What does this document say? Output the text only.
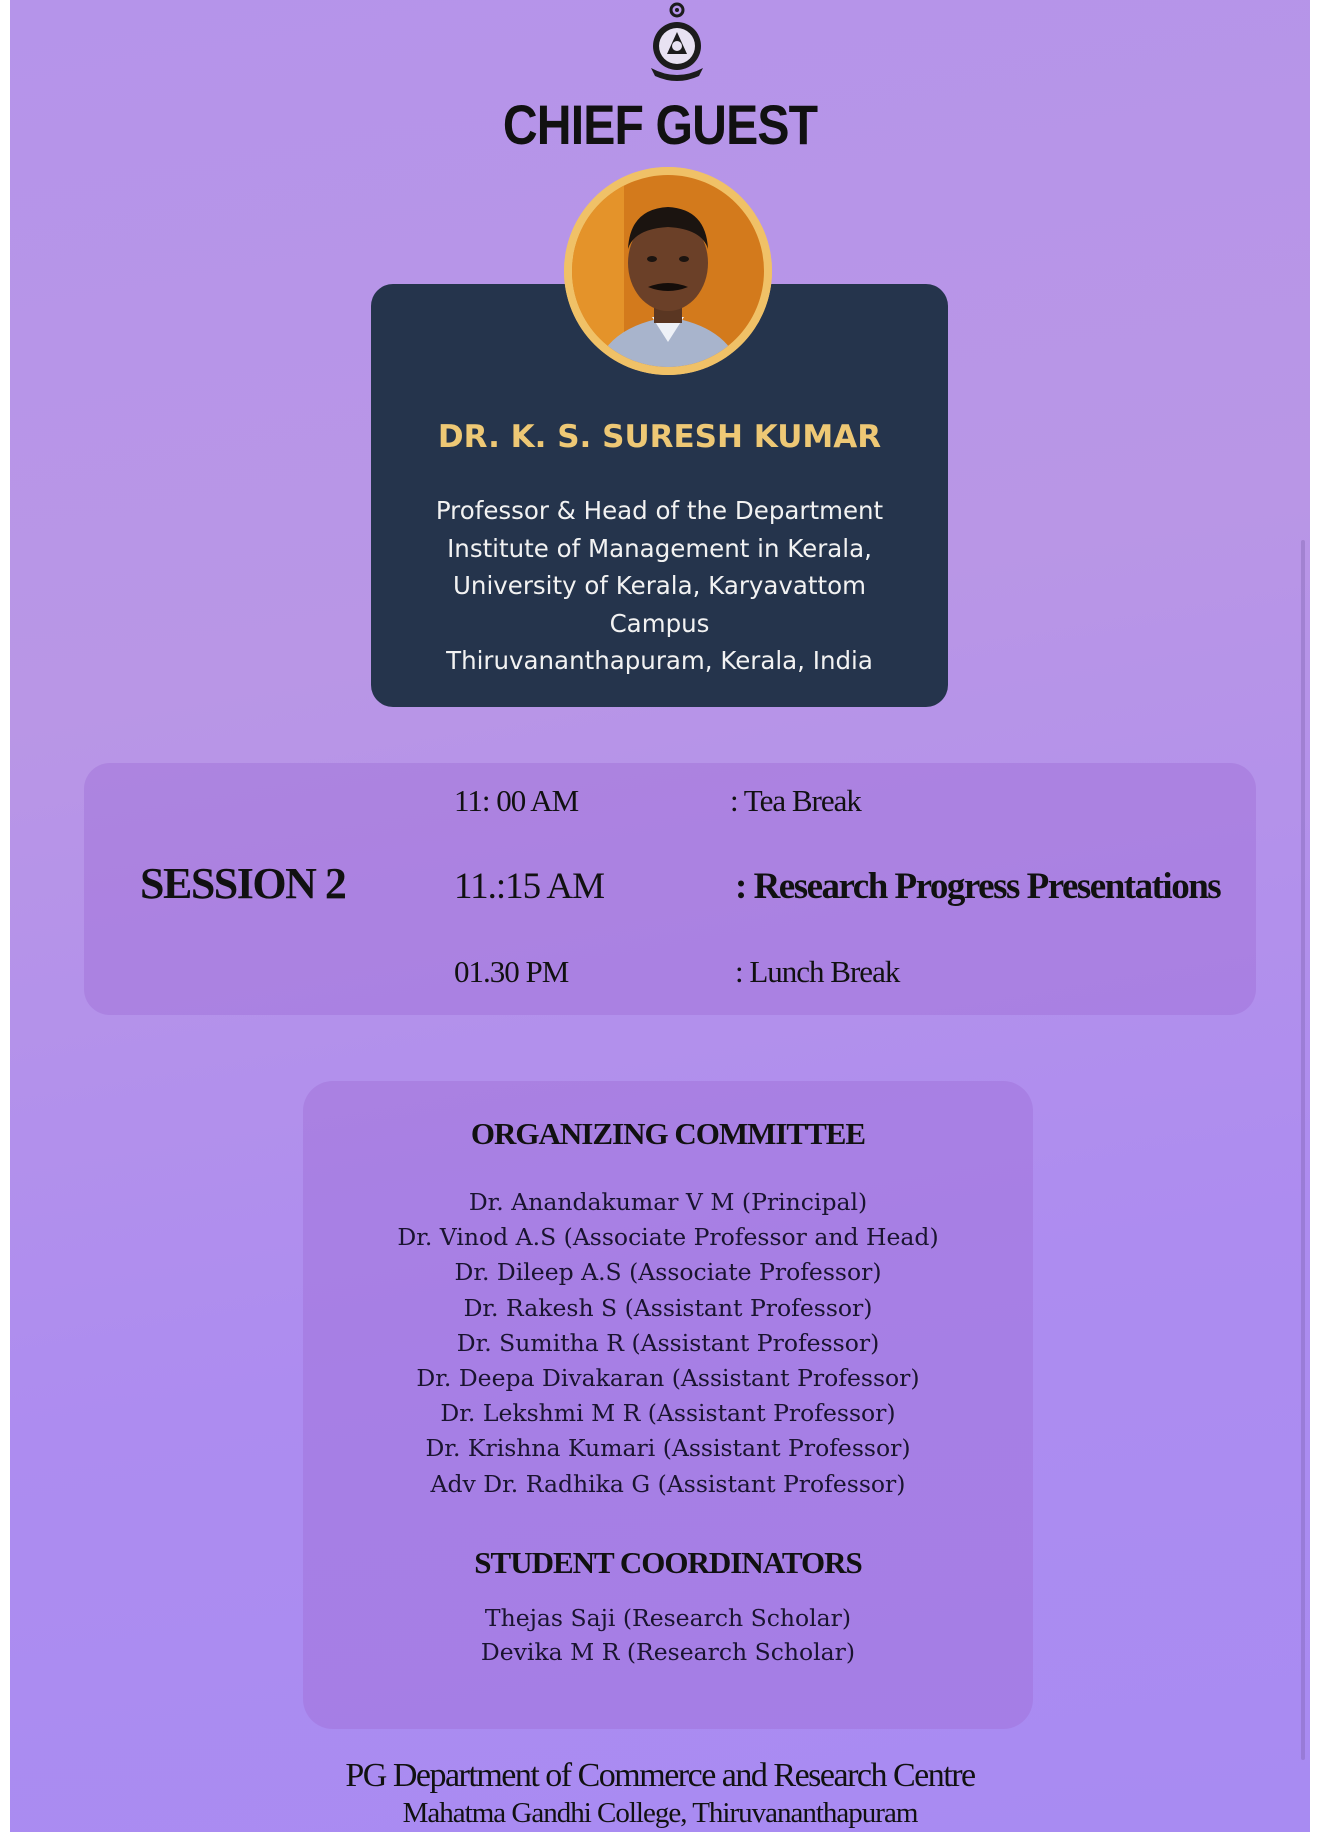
CHIEF GUEST
DR. K. S. SURESH KUMAR
Professor & Head of the Department
Institute of Management in Kerala,
University of Kerala, Karyavattom
Campus
Thiruvananthapuram, Kerala, India
SESSION 2
11: 00 AM	: Tea Break
11.:15 AM	: Research Progress Presentations
01.30 PM	: Lunch Break
ORGANIZING COMMITTEE
Dr. Anandakumar V M (Principal)
Dr. Vinod A.S (Associate Professor and Head)
Dr. Dileep A.S (Associate Professor)
Dr. Rakesh S (Assistant Professor)
Dr. Sumitha R (Assistant Professor)
Dr. Deepa Divakaran (Assistant Professor)
Dr. Lekshmi M R (Assistant Professor)
Dr. Krishna Kumari (Assistant Professor)
Adv Dr. Radhika G (Assistant Professor)
STUDENT COORDINATORS
Thejas Saji (Research Scholar)
Devika M R (Research Scholar)
PG Department of Commerce and Research Centre
Mahatma Gandhi College, Thiruvananthapuram
